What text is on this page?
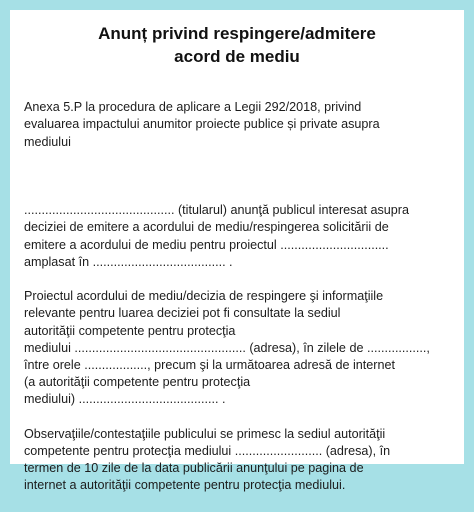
Anunț privind respingere/admitere
acord de mediu

Anexa 5.P la procedura de aplicare a Legii 292/2018, privind
evaluarea impactului anumitor proiecte publice și private asupra
mediului

........................................... (titularul) anunţă publicul interesat asupra
deciziei de emitere a acordului de mediu/respingerea solicitării de
emitere a acordului de mediu pentru proiectul ...............................
amplasat în ...................................... .

Proiectul acordului de mediu/decizia de respingere şi informaţiile
relevante pentru luarea deciziei pot fi consultate la sediul
autorităţii competente pentru protecţia
mediului ................................................. (adresa), în zilele de .................,
între orele .................., precum şi la următoarea adresă de internet
(a autorităţii competente pentru protecţia
mediului) ........................................ .

Observaţiile/contestaţiile publicului se primesc la sediul autorităţii
competente pentru protecţia mediului ......................... (adresa), în
termen de 10 zile de la data publicării anunţului pe pagina de
internet a autorităţii competente pentru protecţia mediului.
